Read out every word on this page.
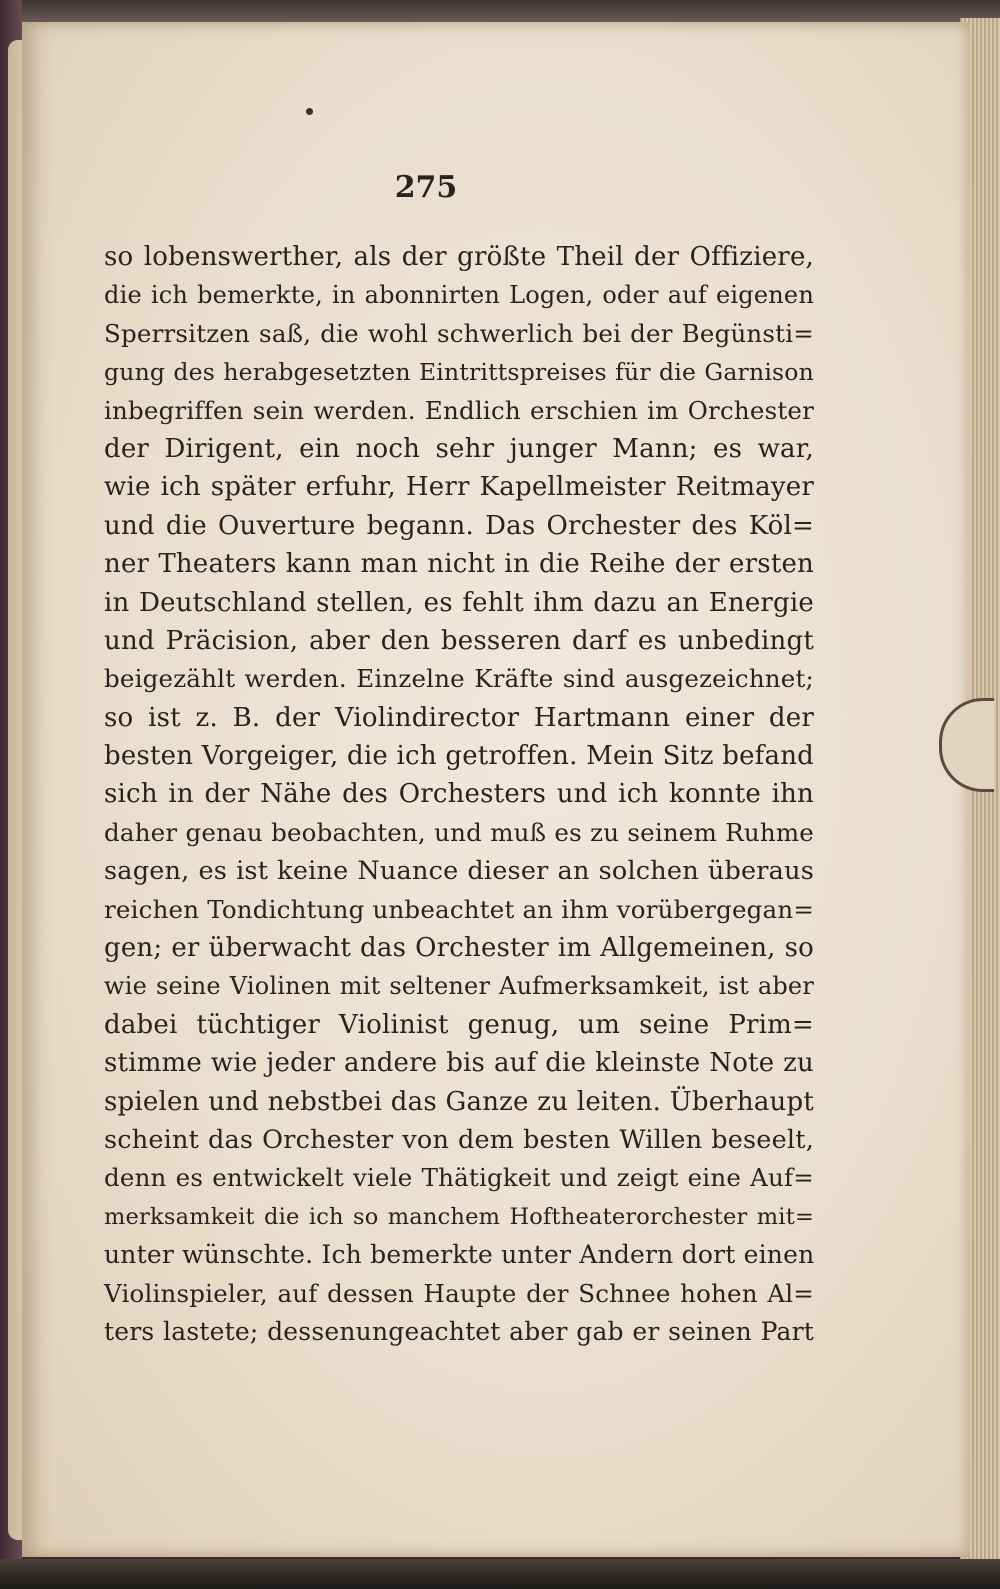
275
so lobenswerther, als der größte Theil der Offiziere,
die ich bemerkte, in abonnirten Logen, oder auf eigenen
Sperrsitzen saß, die wohl schwerlich bei der Begünsti=
gung des herabgesetzten Eintrittspreises für die Garnison
inbegriffen sein werden. Endlich erschien im Orchester
der Dirigent, ein noch sehr junger Mann; es war,
wie ich später erfuhr, Herr Kapellmeister Reitmayer
und die Ouverture begann. Das Orchester des Köl=
ner Theaters kann man nicht in die Reihe der ersten
in Deutschland stellen, es fehlt ihm dazu an Energie
und Präcision, aber den besseren darf es unbedingt
beigezählt werden. Einzelne Kräfte sind ausgezeichnet;
so ist z. B. der Violindirector Hartmann einer der
besten Vorgeiger, die ich getroffen. Mein Sitz befand
sich in der Nähe des Orchesters und ich konnte ihn
daher genau beobachten, und muß es zu seinem Ruhme
sagen, es ist keine Nuance dieser an solchen überaus
reichen Tondichtung unbeachtet an ihm vorübergegan=
gen; er überwacht das Orchester im Allgemeinen, so
wie seine Violinen mit seltener Aufmerksamkeit, ist aber
dabei tüchtiger Violinist genug, um seine Prim=
stimme wie jeder andere bis auf die kleinste Note zu
spielen und nebstbei das Ganze zu leiten. Überhaupt
scheint das Orchester von dem besten Willen beseelt,
denn es entwickelt viele Thätigkeit und zeigt eine Auf=
merksamkeit die ich so manchem Hoftheaterorchester mit=
unter wünschte. Ich bemerkte unter Andern dort einen
Violinspieler, auf dessen Haupte der Schnee hohen Al=
ters lastete; dessenungeachtet aber gab er seinen Part
